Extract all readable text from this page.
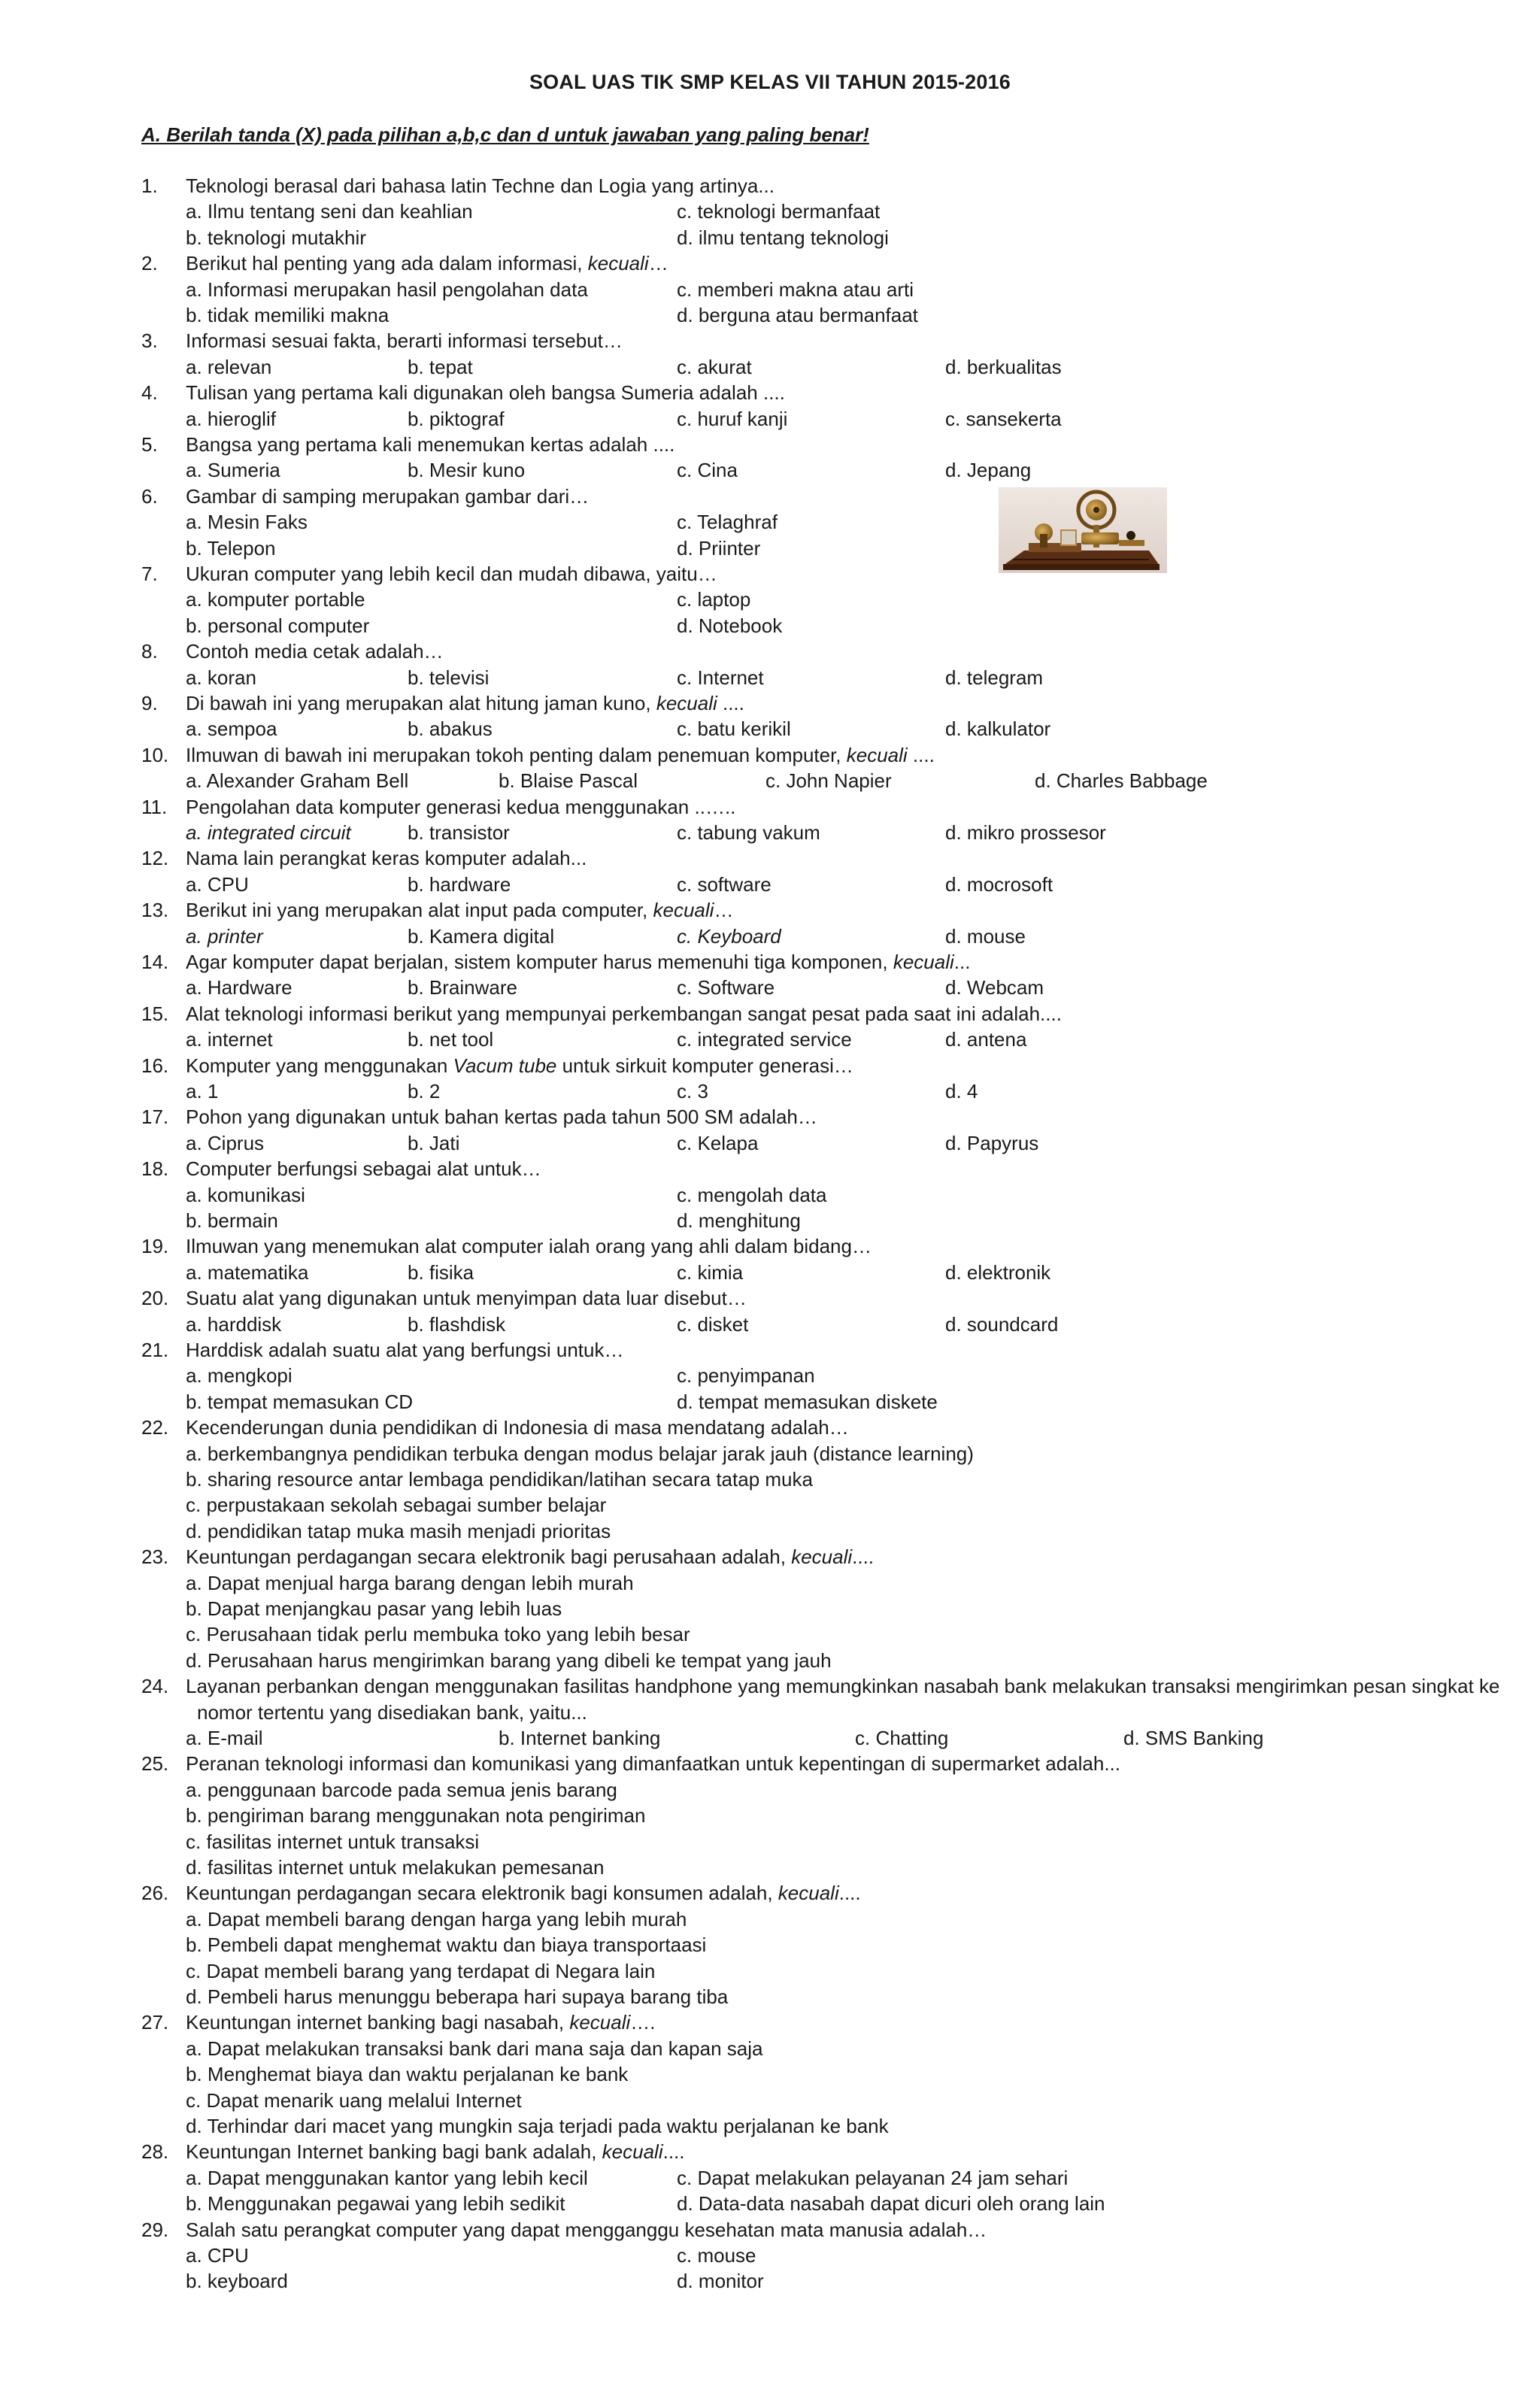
SOAL UAS TIK SMP KELAS VII TAHUN 2015-2016
A. Berilah tanda (X) pada pilihan a,b,c dan d untuk jawaban yang paling benar!
1. Teknologi berasal dari bahasa latin Techne dan Logia yang artinya...
a. Ilmu tentang seni dan keahlian	c. teknologi bermanfaat
b. teknologi mutakhir	d. ilmu tentang teknologi
2. Berikut hal penting yang ada dalam informasi, kecuali…
a. Informasi merupakan hasil pengolahan data	c. memberi makna atau arti
b. tidak memiliki makna	d. berguna atau bermanfaat
3. Informasi sesuai fakta, berarti informasi tersebut…
a. relevan	b. tepat	c. akurat	d. berkualitas
4. Tulisan yang pertama kali digunakan oleh bangsa Sumeria adalah ....
a. hieroglif	b. piktograf	c. huruf kanji	c. sansekerta
5. Bangsa yang pertama kali menemukan kertas adalah ....
a. Sumeria	b. Mesir kuno	c. Cina	d. Jepang
6. Gambar di samping merupakan gambar dari…
a. Mesin Faks	c. Telaghraf
b. Telepon	d. Priinter
7. Ukuran computer yang lebih kecil dan mudah dibawa, yaitu…
a. komputer portable	c. laptop
b. personal computer	d. Notebook
8. Contoh media cetak adalah…
a. koran	b. televisi	c. Internet	d. telegram
9. Di bawah ini yang merupakan alat hitung jaman kuno, kecuali ....
a. sempoa	b. abakus	c. batu kerikil	d. kalkulator
10. Ilmuwan di bawah ini merupakan tokoh penting dalam penemuan komputer, kecuali ....
a. Alexander Graham Bell	b. Blaise Pascal	c. John Napier	d. Charles Babbage
11. Pengolahan data komputer generasi kedua menggunakan ..…..
a. integrated circuit	b. transistor	c. tabung vakum	d. mikro prossesor
12. Nama lain perangkat keras komputer adalah...
a. CPU	b. hardware	c. software	d. mocrosoft
13. Berikut ini yang merupakan alat input pada computer, kecuali…
a. printer	b. Kamera digital	c. Keyboard	d. mouse
14. Agar komputer dapat berjalan, sistem komputer harus memenuhi tiga komponen, kecuali...
a. Hardware	b. Brainware	c. Software	d. Webcam
15. Alat teknologi informasi berikut yang mempunyai perkembangan sangat pesat pada saat ini adalah....
a. internet	b. net tool	c. integrated service	d. antena
16. Komputer yang menggunakan Vacum tube untuk sirkuit komputer generasi…
a. 1	b. 2	c. 3	d. 4
17. Pohon yang digunakan untuk bahan kertas pada tahun 500 SM adalah…
a. Ciprus	b. Jati	c. Kelapa	d. Papyrus
18. Computer berfungsi sebagai alat untuk…
a. komunikasi	c. mengolah data
b. bermain	d. menghitung
19. Ilmuwan yang menemukan alat computer ialah orang yang ahli dalam bidang…
a. matematika	b. fisika	c. kimia	d. elektronik
20. Suatu alat yang digunakan untuk menyimpan data luar disebut…
a. harddisk	b. flashdisk	c. disket	d. soundcard
21. Harddisk adalah suatu alat yang berfungsi untuk…
a. mengkopi	c. penyimpanan
b. tempat memasukan CD	d. tempat memasukan diskete
22. Kecenderungan dunia pendidikan di Indonesia di masa mendatang adalah…
a. berkembangnya pendidikan terbuka dengan modus belajar jarak jauh (distance learning)
b. sharing resource antar lembaga pendidikan/latihan secara tatap muka
c. perpustakaan sekolah sebagai sumber belajar
d. pendidikan tatap muka masih menjadi prioritas
23. Keuntungan perdagangan secara elektronik bagi perusahaan adalah, kecuali....
a. Dapat menjual harga barang dengan lebih murah
b. Dapat menjangkau pasar yang lebih luas
c. Perusahaan tidak perlu membuka toko yang lebih besar
d. Perusahaan harus mengirimkan barang yang dibeli ke tempat yang jauh
24. Layanan perbankan dengan menggunakan fasilitas handphone yang memungkinkan nasabah bank melakukan transaksi mengirimkan pesan singkat ke
nomor tertentu yang disediakan bank, yaitu...
a. E-mail	b. Internet banking	c. Chatting	d. SMS Banking
25. Peranan teknologi informasi dan komunikasi yang dimanfaatkan untuk kepentingan di supermarket adalah...
a. penggunaan barcode pada semua jenis barang
b. pengiriman barang menggunakan nota pengiriman
c. fasilitas internet untuk transaksi
d. fasilitas internet untuk melakukan pemesanan
26. Keuntungan perdagangan secara elektronik bagi konsumen adalah, kecuali....
a. Dapat membeli barang dengan harga yang lebih murah
b. Pembeli dapat menghemat waktu dan biaya transportaasi
c. Dapat membeli barang yang terdapat di Negara lain
d. Pembeli harus menunggu beberapa hari supaya barang tiba
27. Keuntungan internet banking bagi nasabah, kecuali….
a. Dapat melakukan transaksi bank dari mana saja dan kapan saja
b. Menghemat biaya dan waktu perjalanan ke bank
c. Dapat menarik uang melalui Internet
d. Terhindar dari macet yang mungkin saja terjadi pada waktu perjalanan ke bank
28. Keuntungan Internet banking bagi bank adalah, kecuali....
a. Dapat menggunakan kantor yang lebih kecil	c. Dapat melakukan pelayanan 24 jam sehari
b. Menggunakan pegawai yang lebih sedikit	d. Data-data nasabah dapat dicuri oleh orang lain
29. Salah satu perangkat computer yang dapat mengganggu kesehatan mata manusia adalah…
a. CPU	c. mouse
b. keyboard	d. monitor
